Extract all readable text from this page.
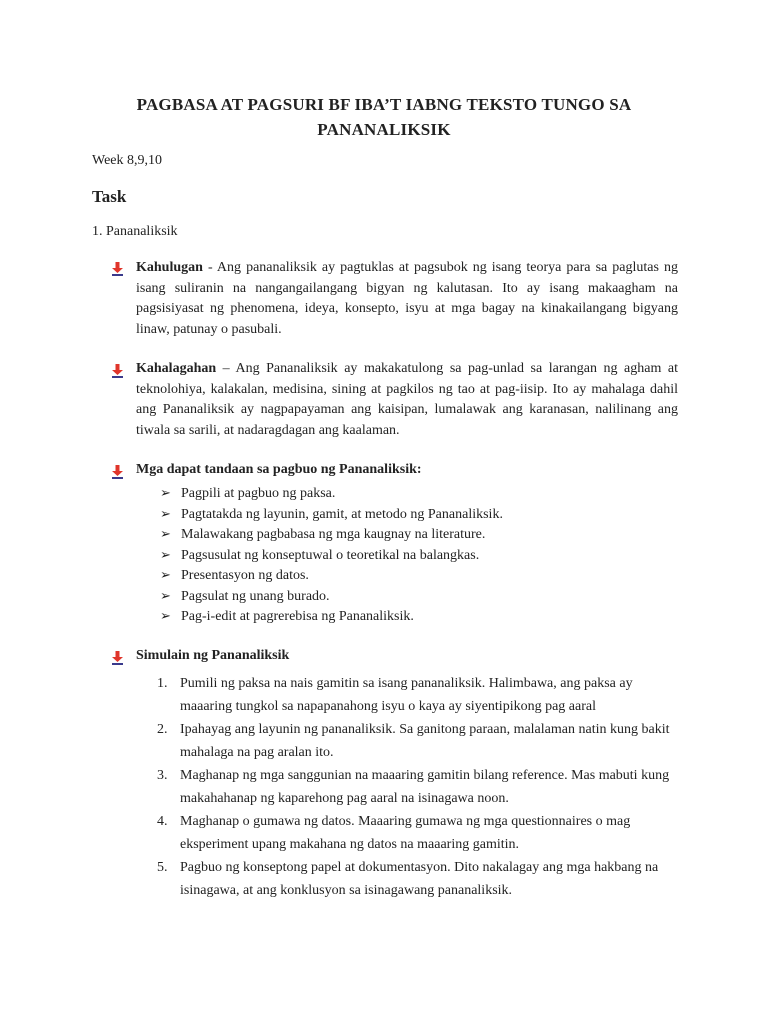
PAGBASA AT PAGSURI BF IBA’T IABNG TEKSTO TUNGO SA
PANANALIKSIK
Week 8,9,10
Task
1. Pananaliksik
Kahulugan - Ang pananaliksik ay pagtuklas at pagsubok ng isang teorya para sa paglutas ng isang suliranin na nangangailangang bigyan ng kalutasan. Ito ay isang makaagham na pagsisiyasat ng phenomena, ideya, konsepto, isyu at mga bagay na kinakailangang bigyang linaw, patunay o pasubali.
Kahalagahan – Ang Pananaliksik ay makakatulong sa pag-unlad sa larangan ng agham at teknolohiya, kalakalan, medisina, sining at pagkilos ng tao at pag-iisip. Ito ay mahalaga dahil ang Pananaliksik ay nagpapayaman ang kaisipan, lumalawak ang karanasan, nalilinang ang tiwala sa sarili, at nadaragdagan ang kaalaman.
Mga dapat tandaan sa pagbuo ng Pananaliksik:
➢ Pagpili at pagbuo ng paksa.
➢ Pagtatakda ng layunin, gamit, at metodo ng Pananaliksik.
➢ Malawakang pagbabasa ng mga kaugnay na literature.
➢ Pagsusulat ng konseptuwal o teoretikal na balangkas.
➢ Presentasyon ng datos.
➢ Pagsulat ng unang burado.
➢ Pag-i-edit at pagrerebisa ng Pananaliksik.
Simulain ng Pananaliksik
1. Pumili ng paksa na nais gamitin sa isang pananaliksik. Halimbawa, ang paksa ay maaaring tungkol sa napapanahong isyu o kaya ay siyentipikong pag aaral
2. Ipahayag ang layunin ng pananaliksik. Sa ganitong paraan, malalaman natin kung bakit mahalaga na pag aralan ito.
3. Maghanap ng mga sanggunian na maaaring gamitin bilang reference. Mas mabuti kung makahahanap ng kaparehong pag aaral na isinagawa noon.
4. Maghanap o gumawa ng datos. Maaaring gumawa ng mga questionnaires o mag eksperiment upang makahana ng datos na maaaring gamitin.
5. Pagbuo ng konseptong papel at dokumentasyon. Dito nakalagay ang mga hakbang na isinagawa, at ang konklusyon sa isinagawang pananaliksik.
